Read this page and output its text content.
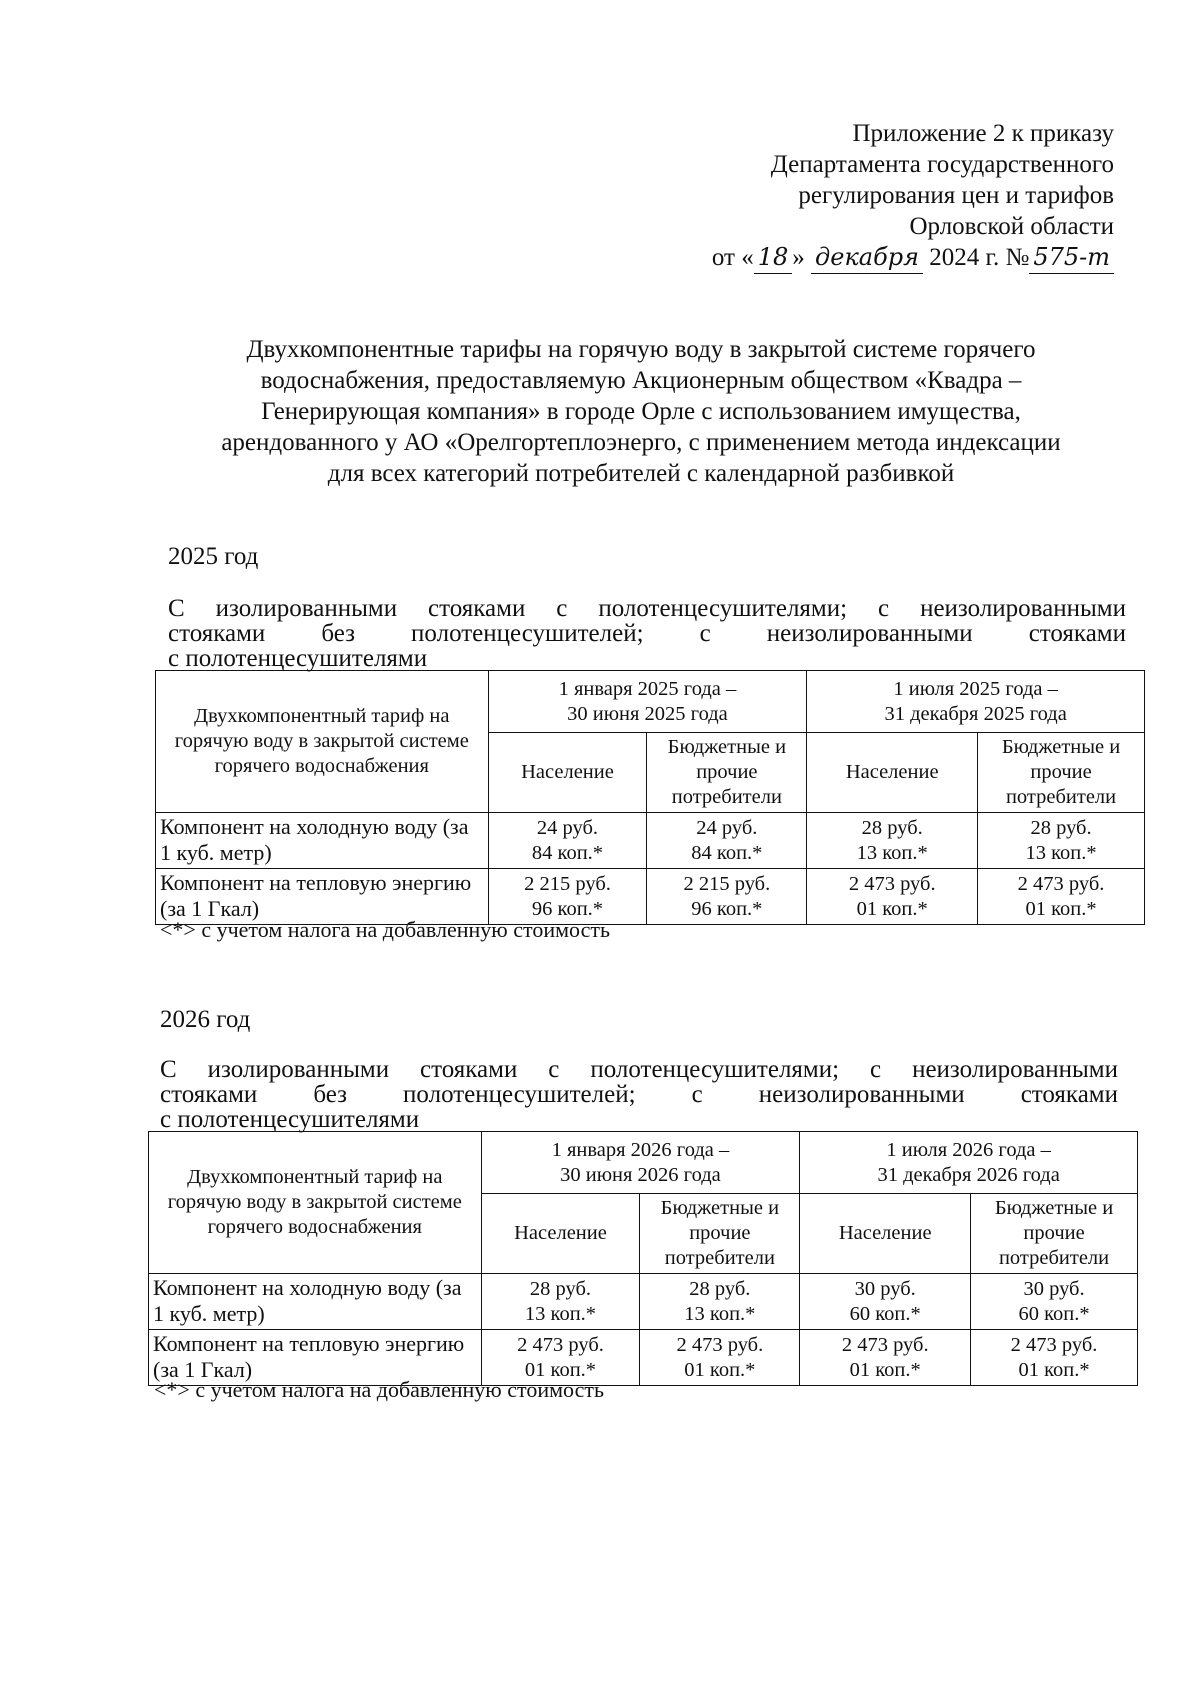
Приложение 2 к приказу
Департамента государственного
регулирования цен и тарифов
Орловской области
от « 18 » декабря 2024 г. № 575-т
Двухкомпонентные тарифы на горячую воду в закрытой системе горячего
водоснабжения, предоставляемую Акционерным обществом «Квадра –
Генерирующая компания» в городе Орле с использованием имущества,
арендованного у АО «Орелгортеплоэнерго, с применением метода индексации
для всех категорий потребителей с календарной разбивкой
2025 год
С изолированными стояками с полотенцесушителями; с неизолированными
стояками без полотенцесушителей; с неизолированными стояками
с полотенцесушителями
Двухкомпонентный тариф на горячую воду в закрытой системе горячего водоснабжения	1 января 2025 года –
30 июня 2025 года		1 июля 2025 года –
31 декабря 2025 года	

	Население	Бюджетные и прочие потребители	Население	Бюджетные и прочие потребители
Компонент на холодную воду (за 1 куб. метр)	24 руб.
84 коп.*	24 руб.
84 коп.*	28 руб.
13 коп.*	28 руб.
13 коп.*

Компонент на тепловую энергию (за 1 Гкал)	2 215 руб.
96 коп.*	2 215 руб.
96 коп.*	2 473 руб.
01 коп.*	2 473 руб.
01 коп.*
<*> с учетом налога на добавленную стоимость
2026 год
С изолированными стояками с полотенцесушителями; с неизолированными
стояками без полотенцесушителей; с неизолированными стояками
с полотенцесушителями
Двухкомпонентный тариф на горячую воду в закрытой системе горячего водоснабжения	1 января 2026 года –
30 июня 2026 года		1 июля 2026 года –
31 декабря 2026 года	

	Население	Бюджетные и прочие потребители	Население	Бюджетные и прочие потребители
Компонент на холодную воду (за 1 куб. метр)	28 руб.
13 коп.*	28 руб.
13 коп.*	30 руб.
60 коп.*	30 руб.
60 коп.*

Компонент на тепловую энергию (за 1 Гкал)	2 473 руб.
01 коп.*	2 473 руб.
01 коп.*	2 473 руб.
01 коп.*	2 473 руб.
01 коп.*
<*> с учетом налога на добавленную стоимость
